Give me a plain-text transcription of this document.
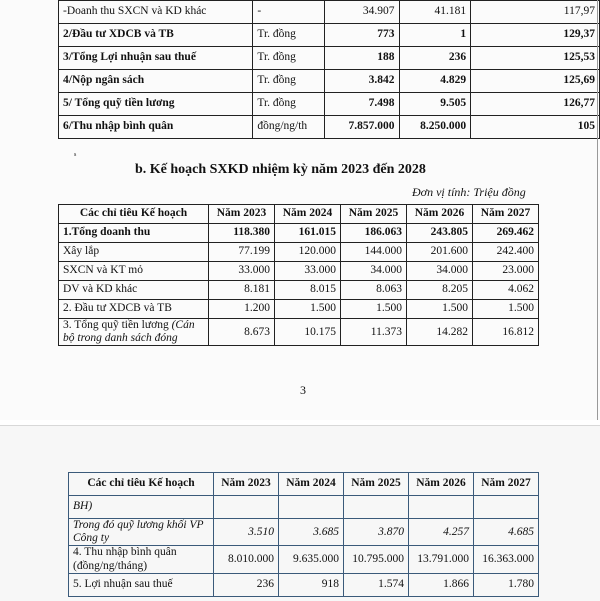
-Doanh thu SXCN và KD khác	-	34.907	41.181	117,97
2/Đầu tư XDCB và TB	Tr. đồng	773	1	129,37
3/Tổng Lợi nhuận sau thuế	Tr. đồng	188	236	125,53
4/Nộp ngân sách	Tr. đồng	3.842	4.829	125,69
5/ Tổng quỹ tiền lương	Tr. đồng	7.498	9.505	126,77
6/Thu nhập bình quân	đồng/ng/th	7.857.000	8.250.000	105
s
b. Kế hoạch SXKD nhiệm kỳ năm 2023 đến 2028
Đơn vị tính: Triệu đồng
Các chỉ tiêu Kế hoạch	Năm 2023	Năm 2024	Năm 2025	Năm 2026	Năm 2027
1.Tổng doanh thu	118.380	161.015	186.063	243.805	269.462
Xây lắp	77.199	120.000	144.000	201.600	242.400
SXCN và KT mỏ	33.000	33.000	34.000	34.000	23.000
DV và KD khác	8.181	8.015	8.063	8.205	4.062
2. Đầu tư XDCB và TB	1.200	1.500	1.500	1.500	1.500
3. Tổng quỹ tiền lương (Cán bộ trong danh sách đóng	8.673	10.175	11.373	14.282	16.812
3
Các chỉ tiêu Kế hoạch	Năm 2023	Năm 2024	Năm 2025	Năm 2026	Năm 2027
BH)					
Trong đó quỹ lương khối VP Công ty	3.510	3.685	3.870	4.257	4.685
4. Thu nhập bình quân (đồng/ng/tháng)	8.010.000	9.635.000	10.795.000	13.791.000	16.363.000
5. Lợi nhuận sau thuế	236	918	1.574	1.866	1.780
